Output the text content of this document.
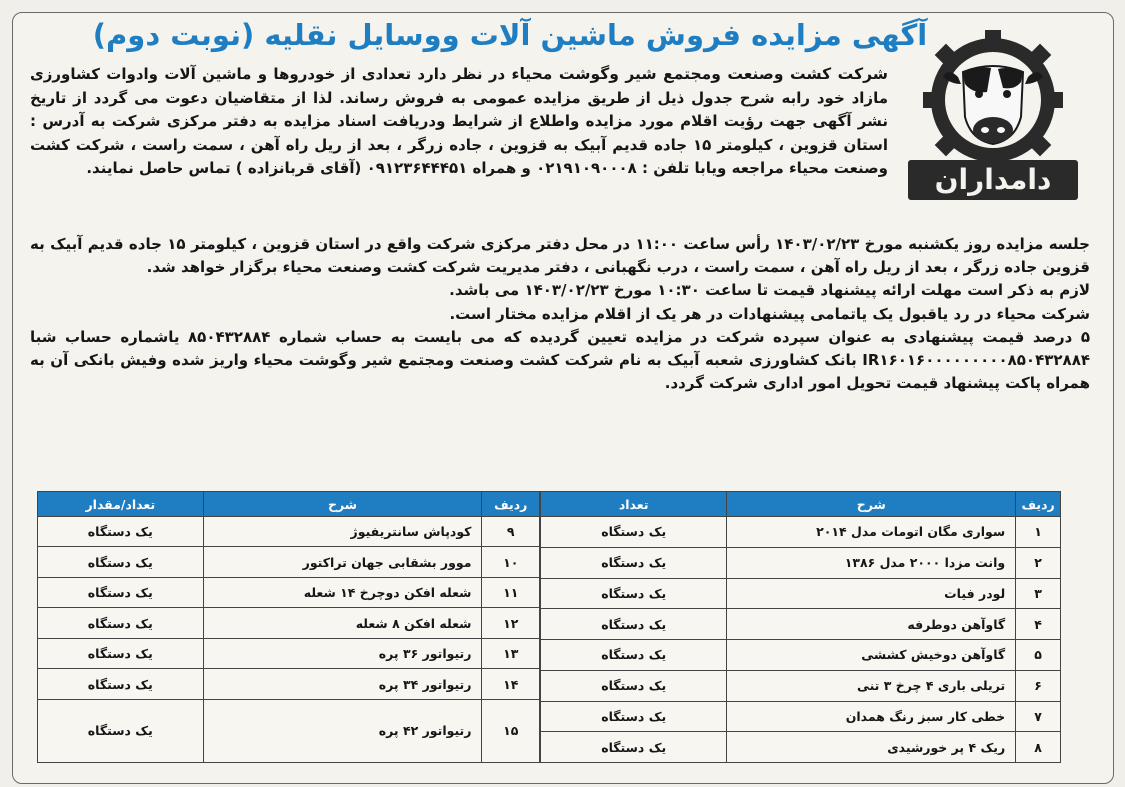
آگهی مزایده فروش ماشین آلات ووسایل نقلیه (نوبت دوم)
دامداران
شرکت کشت وصنعت ومجتمع شیر وگوشت محیاء در نظر دارد تعدادی از خودروها و ماشین آلات وادوات کشاورزی مازاد خود رابه شرح جدول ذیل از طریق مزایده عمومی به فروش رساند. لذا از متقاضیان دعوت می گردد از تاریخ نشر آگهی جهت رؤیت اقلام مورد مزایده واطلاع از شرایط ودریافت اسناد مزایده به دفتر مرکزی شرکت به آدرس : استان قزوین ، کیلومتر ۱۵ جاده قدیم آبیک به قزوین ، جاده زرگر ، بعد از ریل راه آهن ، سمت راست ، شرکت کشت وصنعت محیاء مراجعه ویابا تلفن : ۰۲۱۹۱۰۹۰۰۰۸ و همراه ۰۹۱۲۳۶۴۴۴۵۱ (آقای قربانزاده ) تماس حاصل نمایند.

جلسه مزایده روز یکشنبه مورخ ۱۴۰۳/۰۲/۲۳ رأس ساعت ۱۱:۰۰ در محل دفتر مرکزی شرکت واقع در استان قزوین ، کیلومتر ۱۵ جاده قدیم آبیک به قزوین جاده زرگر ، بعد از ریل راه آهن ، سمت راست ، درب نگهبانی ، دفتر مدیریت شرکت کشت وصنعت محیاء برگزار خواهد شد.

لازم به ذکر است مهلت ارائه پیشنهاد قیمت تا ساعت ۱۰:۳۰ مورخ ۱۴۰۳/۰۲/۲۳ می باشد.

شرکت محیاء در رد یاقبول یک یاتمامی پیشنهادات در هر یک از اقلام مزایده مختار است.

۵ درصد قیمت پیشنهادی به عنوان سپرده شرکت در مزایده تعیین گردیده که می بایست به حساب شماره ۸۵۰۴۳۲۸۸۴ یاشماره حساب شبا IR۱۶۰۱۶۰۰۰۰۰۰۰۰۰۸۵۰۴۳۲۸۸۴ بانک کشاورزی شعبه آبیک به نام شرکت کشت وصنعت ومجتمع شیر وگوشت محیاء واریز شده وفیش بانکی آن به همراه پاکت پیشنهاد قیمت تحویل امور اداری شرکت گردد.

ردیف	شرح	تعداد
۱	سواری مگان اتومات مدل ۲۰۱۴	یک دستگاه
۲	وانت مزدا ۲۰۰۰ مدل ۱۳۸۶	یک دستگاه
۳	لودر فیات	یک دستگاه
۴	گاوآهن دوطرفه	یک دستگاه
۵	گاوآهن دوخیش کششی	یک دستگاه
۶	تریلی باری ۴ چرخ ۳ تنی	یک دستگاه
۷	خطی کار سبز رنگ همدان	یک دستگاه
۸	ریک ۴ پر خورشیدی	یک دستگاه
ردیف	شرح	تعداد/مقدار
۹	کودپاش سانتریفیوژ	یک دستگاه
۱۰	موور بشقابی جهان تراکتور	یک دستگاه
۱۱	شعله افکن دوچرخ ۱۴ شعله	یک دستگاه
۱۲	شعله افکن ۸ شعله	یک دستگاه
۱۳	رتیواتور ۳۶ پره	یک دستگاه
۱۴	رتیواتور ۳۴ پره	یک دستگاه
۱۵	رتیواتور ۴۲ پره	یک دستگاه
